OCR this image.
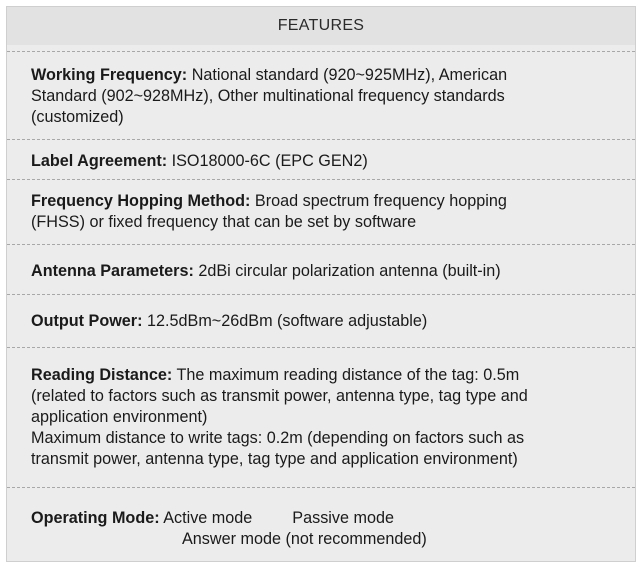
FEATURES
Working Frequency: National standard (920~925MHz), American
Standard (902~928MHz), Other multinational frequency standards
(customized)
Label Agreement: ISO18000-6C (EPC GEN2)
Frequency Hopping Method: Broad spectrum frequency hopping
(FHSS) or fixed frequency that can be set by software
Antenna Parameters: 2dBi circular polarization antenna (built-in)
Output Power: 12.5dBm~26dBm (software adjustable)
Reading Distance: The maximum reading distance of the tag: 0.5m
(related to factors such as transmit power, antenna type, tag type and
application environment)
Maximum distance to write tags: 0.2m (depending on factors such as
transmit power, antenna type, tag type and application environment)
Operating Mode: Active mode Passive mode
Answer mode (not recommended)
